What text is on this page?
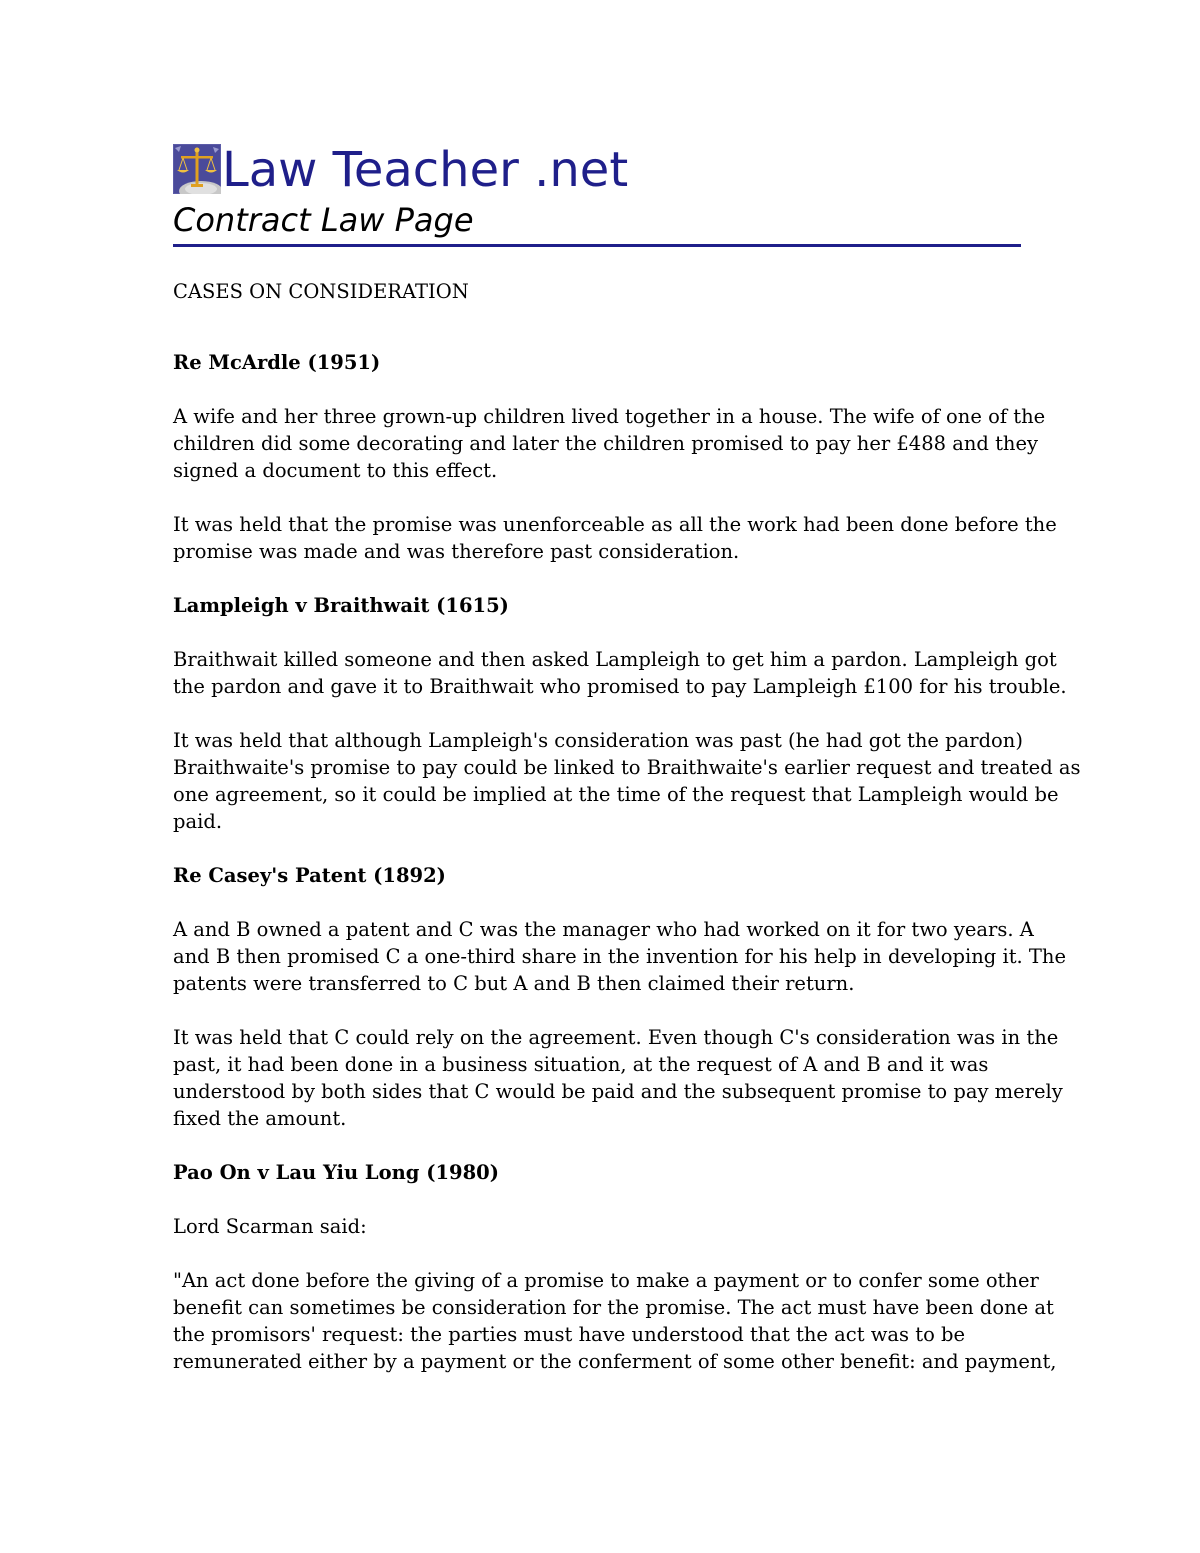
Law Teacher .net
Contract Law Page
CASES ON CONSIDERATION
Re McArdle (1951)
A wife and her three grown-up children lived together in a house. The wife of one of the
children did some decorating and later the children promised to pay her £488 and they
signed a document to this effect.
It was held that the promise was unenforceable as all the work had been done before the
promise was made and was therefore past consideration.
Lampleigh v Braithwait (1615)
Braithwait killed someone and then asked Lampleigh to get him a pardon. Lampleigh got
the pardon and gave it to Braithwait who promised to pay Lampleigh £100 for his trouble.
It was held that although Lampleigh's consideration was past (he had got the pardon)
Braithwaite's promise to pay could be linked to Braithwaite's earlier request and treated as
one agreement, so it could be implied at the time of the request that Lampleigh would be
paid.
Re Casey's Patent (1892)
A and B owned a patent and C was the manager who had worked on it for two years. A
and B then promised C a one-third share in the invention for his help in developing it. The
patents were transferred to C but A and B then claimed their return.
It was held that C could rely on the agreement. Even though C's consideration was in the
past, it had been done in a business situation, at the request of A and B and it was
understood by both sides that C would be paid and the subsequent promise to pay merely
fixed the amount.
Pao On v Lau Yiu Long (1980)
Lord Scarman said:
"An act done before the giving of a promise to make a payment or to confer some other
benefit can sometimes be consideration for the promise. The act must have been done at
the promisors' request: the parties must have understood that the act was to be
remunerated either by a payment or the conferment of some other benefit: and payment,
